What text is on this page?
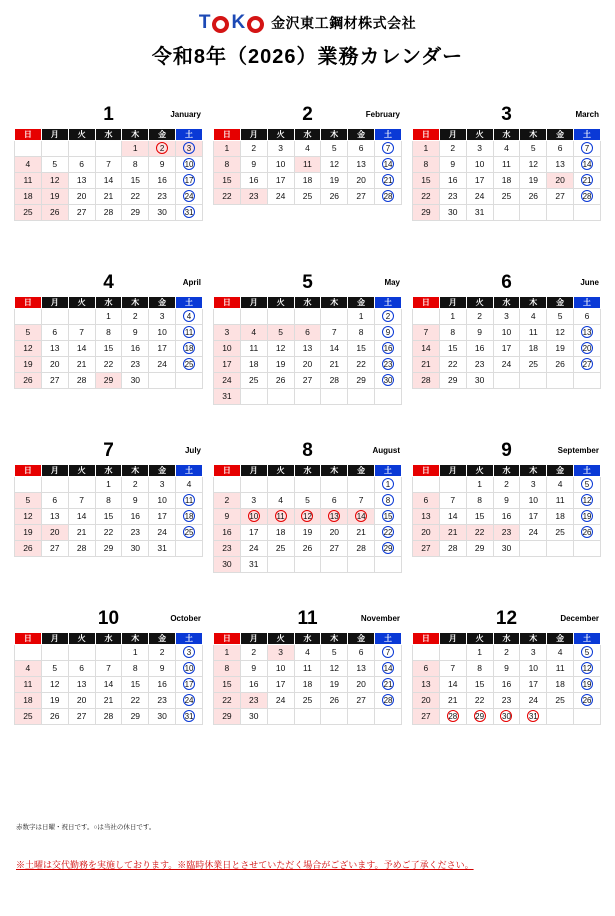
T K 金沢東工鋼材株式会社
令和8年（2026）業務カレンダー
1	January
日	月	火	水	木	金	土
				1	2	3
4	5	6	7	8	9	10
11	12	13	14	15	16	17
18	19	20	21	22	23	24
25	26	27	28	29	30	31
2	February
日	月	火	水	木	金	土
1	2	3	4	5	6	7
8	9	10	11	12	13	14
15	16	17	18	19	20	21
22	23	24	25	26	27	28
3	March
日	月	火	水	木	金	土
1	2	3	4	5	6	7
8	9	10	11	12	13	14
15	16	17	18	19	20	21
22	23	24	25	26	27	28
29	30	31				
4	April
日	月	火	水	木	金	土
			1	2	3	4
5	6	7	8	9	10	11
12	13	14	15	16	17	18
19	20	21	22	23	24	25
26	27	28	29	30		
5	May
日	月	火	水	木	金	土
					1	2
3	4	5	6	7	8	9
10	11	12	13	14	15	16
17	18	19	20	21	22	23
24	25	26	27	28	29	30
31						
6	June
日	月	火	水	木	金	土
	1	2	3	4	5	6
7	8	9	10	11	12	13
14	15	16	17	18	19	20
21	22	23	24	25	26	27
28	29	30				
7	July
日	月	火	水	木	金	土
			1	2	3	4
5	6	7	8	9	10	11
12	13	14	15	16	17	18
19	20	21	22	23	24	25
26	27	28	29	30	31	
8	August
日	月	火	水	木	金	土
						1
2	3	4	5	6	7	8
9	10	11	12	13	14	15
16	17	18	19	20	21	22
23	24	25	26	27	28	29
30	31					
9	September
日	月	火	水	木	金	土
		1	2	3	4	5
6	7	8	9	10	11	12
13	14	15	16	17	18	19
20	21	22	23	24	25	26
27	28	29	30			
10	October
日	月	火	水	木	金	土
				1	2	3
4	5	6	7	8	9	10
11	12	13	14	15	16	17
18	19	20	21	22	23	24
25	26	27	28	29	30	31
11	November
日	月	火	水	木	金	土
1	2	3	4	5	6	7
8	9	10	11	12	13	14
15	16	17	18	19	20	21
22	23	24	25	26	27	28
29	30					
12	December
日	月	火	水	木	金	土
		1	2	3	4	5
6	7	8	9	10	11	12
13	14	15	16	17	18	19
20	21	22	23	24	25	26
27	28	29	30	31		
赤数字は日曜・祝日です。○は当社の休日です。
※土曜は交代勤務を実施しております。※臨時休業日とさせていただく場合がございます。予めご了承ください。
